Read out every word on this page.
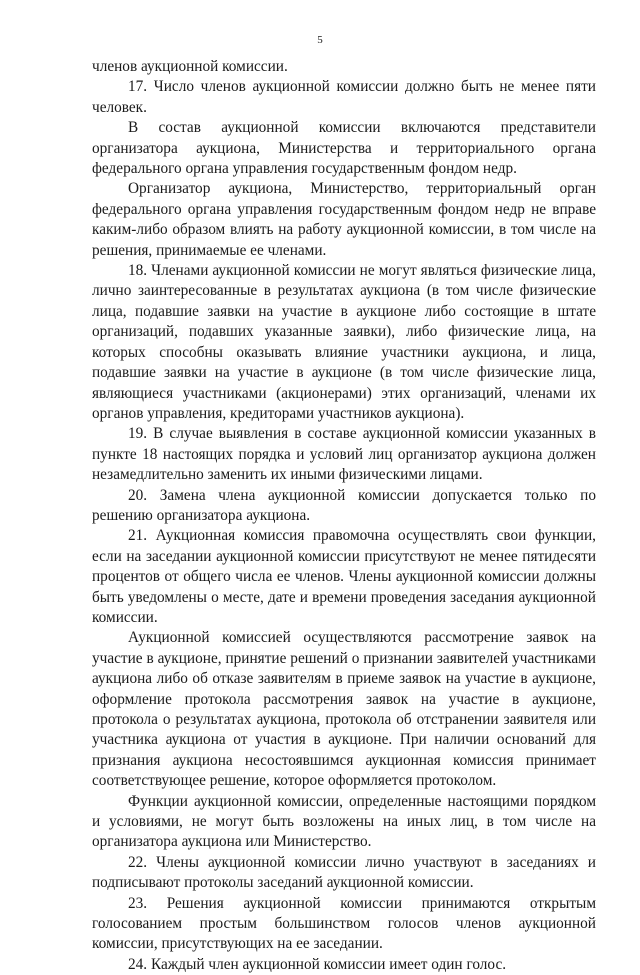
5

членов аукционной комиссии.

17. Число членов аукционной комиссии должно быть не менее пяти человек.

В состав аукционной комиссии включаются представители организатора аукциона, Министерства и территориального органа федерального органа управления государственным фондом недр.

Организатор аукциона, Министерство, территориальный орган федерального органа управления государственным фондом недр не вправе каким-либо образом влиять на работу аукционной комиссии, в том числе на решения, принимаемые ее членами.

18. Членами аукционной комиссии не могут являться физические лица, лично заинтересованные в результатах аукциона (в том числе физические лица, подавшие заявки на участие в аукционе либо состоящие в штате организаций, подавших указанные заявки), либо физические лица, на которых способны оказывать влияние участники аукциона, и лица, подавшие заявки на участие в аукционе (в том числе физические лица, являющиеся участниками (акционерами) этих организаций, членами их органов управления, кредиторами участников аукциона).

19. В случае выявления в составе аукционной комиссии указанных в пункте 18 настоящих порядка и условий лиц организатор аукциона должен незамедлительно заменить их иными физическими лицами.

20. Замена члена аукционной комиссии допускается только по решению организатора аукциона.

21. Аукционная комиссия правомочна осуществлять свои функции, если на заседании аукционной комиссии присутствуют не менее пятидесяти процентов от общего числа ее членов. Члены аукционной комиссии должны быть уведомлены о месте, дате и времени проведения заседания аукционной комиссии.

Аукционной комиссией осуществляются рассмотрение заявок на участие в аукционе, принятие решений о признании заявителей участниками аукциона либо об отказе заявителям в приеме заявок на участие в аукционе, оформление протокола рассмотрения заявок на участие в аукционе, протокола о результатах аукциона, протокола об отстранении заявителя или участника аукциона от участия в аукционе. При наличии оснований для признания аукциона несостоявшимся аукционная комиссия принимает соответствующее решение, которое оформляется протоколом.

Функции аукционной комиссии, определенные настоящими порядком и условиями, не могут быть возложены на иных лиц, в том числе на организатора аукциона или Министерство.

22. Члены аукционной комиссии лично участвуют в заседаниях и подписывают протоколы заседаний аукционной комиссии.

23. Решения аукционной комиссии принимаются открытым голосованием простым большинством голосов членов аукционной комиссии, присутствующих на ее заседании.

24. Каждый член аукционной комиссии имеет один голос.
